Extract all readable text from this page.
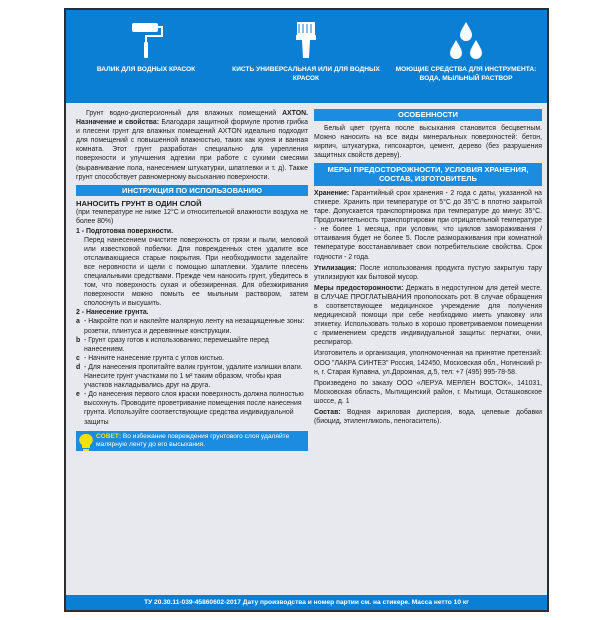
ВАЛИК ДЛЯ ВОДНЫХ КРАСОК	КИСТЬ УНИВЕРСАЛЬНАЯ ИЛИ ДЛЯ ВОДНЫХ КРАСОК
МОЮЩИЕ СРЕДСТВА ДЛЯ ИНСТРУМЕНТА: ВОДА, МЫЛЬНЫЙ РАСТВОР

Грунт водно-дисперсионный для влажных помещений AXTON. Назначение и свойства: Благодаря защитной формуле против грибка и плесени грунт для влажных помещений AXTON идеально подходит для помещений с повышенной влажностью, таких как кухня и ванная комната. Этот грунт разработан специально для укрепления поверхности и улучшения адгезии при работе с сухими смесями (выравнивание пола, нанесением штукатурки, шпатлевки и т. д). Также грунт способствует равномерному высыханию поверхности.

ИНСТРУКЦИЯ ПО ИСПОЛЬЗОВАНИЮ

НАНОСИТЬ ГРУНТ В ОДИН СЛОЙ

(при температуре не ниже 12°С и относительной влажности воздуха не более 80%)

1 - Подготовка поверхности.

Перед нанесением очистите поверхность от грязи и пыли, меловой или известковой побелки. Для поврежденных стен удалите все отслаивающиеся старые покрытия. При необходимости заделайте все неровности и щели с помощью шпатлевки. Удалите плесень специальными средствами. Прежде чем наносить грунт, убедитесь в том, что поверхность сухая и обезжиренная. Для обезжиривания поверхности можно помыть ее мыльным раствором, затем сполоснуть и высушить.

2 - Нанесение грунта.

a - Накройте пол и наклейте малярную ленту на незащищенные зоны: розетки, плинтуса и деревянные конструкции.
b - Грунт сразу готов к использованию; перемешайте перед нанесением.
c - Начните нанесение грунта с углов кистью.
d - Для нанесения пропитайте валик грунтом, удалите излишки влаги. Нанесите грунт участками по 1 м² таким образом, чтобы края участков накладывались друг на друга.
e - До нанесения первого слоя краски поверхность должна полностью высохнуть. Проводите проветривание помещения после нанесения грунта. Используйте соответствующие средства индивидуальной защиты
СОВЕТ: Во избежание повреждения грунтового слоя удаляйте малярную ленту до его высыхания.
ОСОБЕННОСТИ

Белый цвет грунта после высыхания становится бесцветным. Можно наносить на все виды минеральных поверхностей: бетон, кирпич, штукатурка, гипсокартон, цемент, дерево (без разрушения защитных свойств дереву).

МЕРЫ ПРЕДОСТОРОЖНОСТИ, УСЛОВИЯ ХРАНЕНИЯ, СОСТАВ, ИЗГОТОВИТЕЛЬ

Хранение: Гарантийный срок хранения - 2 года с даты, указанной на стикере. Хранить при температуре от 5°С до 35°С в плотно закрытой таре. Допускается транспортировка при температуре до минус 35°С. Продолжительность транспортировки при отрицательной температуре - не более 1 месяца, при условии, что циклов замораживания / оттаивания будет не более 5. После размораживания при комнатной температуре восстанавливает свои потребительские свойства. Срок годности - 2 года.

Утилизация: После использования продукта пустую закрытую тару утилизируют как бытовой мусор.

Меры предосторожности: Держать в недоступном для детей месте. В СЛУЧАЕ ПРОГЛАТЫВАНИЯ прополоскать рот. В случае обращения в соответствующее медицинское учреждение для получения медицинской помощи при себе необходимо иметь упаковку или этикетку. Использовать только в хорошо проветриваемом помещении с применением средств индивидуальной защиты: перчатки, очки, респиратор.

Изготовитель и организация, уполномоченная на принятие претензий: ООО "ЛАКРА СИНТЕЗ" Россия, 142450, Московская обл., Ногинский р-н, г. Старая Купавна, ул.Дорожная, д.5, тел: +7 (495) 995-78-58.

Произведено по заказу ООО «ЛЕРУА МЕРЛЕН ВОСТОК», 141031, Московская область, Мытищинский район, г. Мытищи, Осташковское шоссе, д. 1

Состав: Водная акриловая дисперсия, вода, целевые добавки (биоцид, этиленгликоль, пеногаситель).

ТУ 20.30.11-039-45860602-2017 Дату производства и номер партии см. на стикере. Масса нетто 10 кг
